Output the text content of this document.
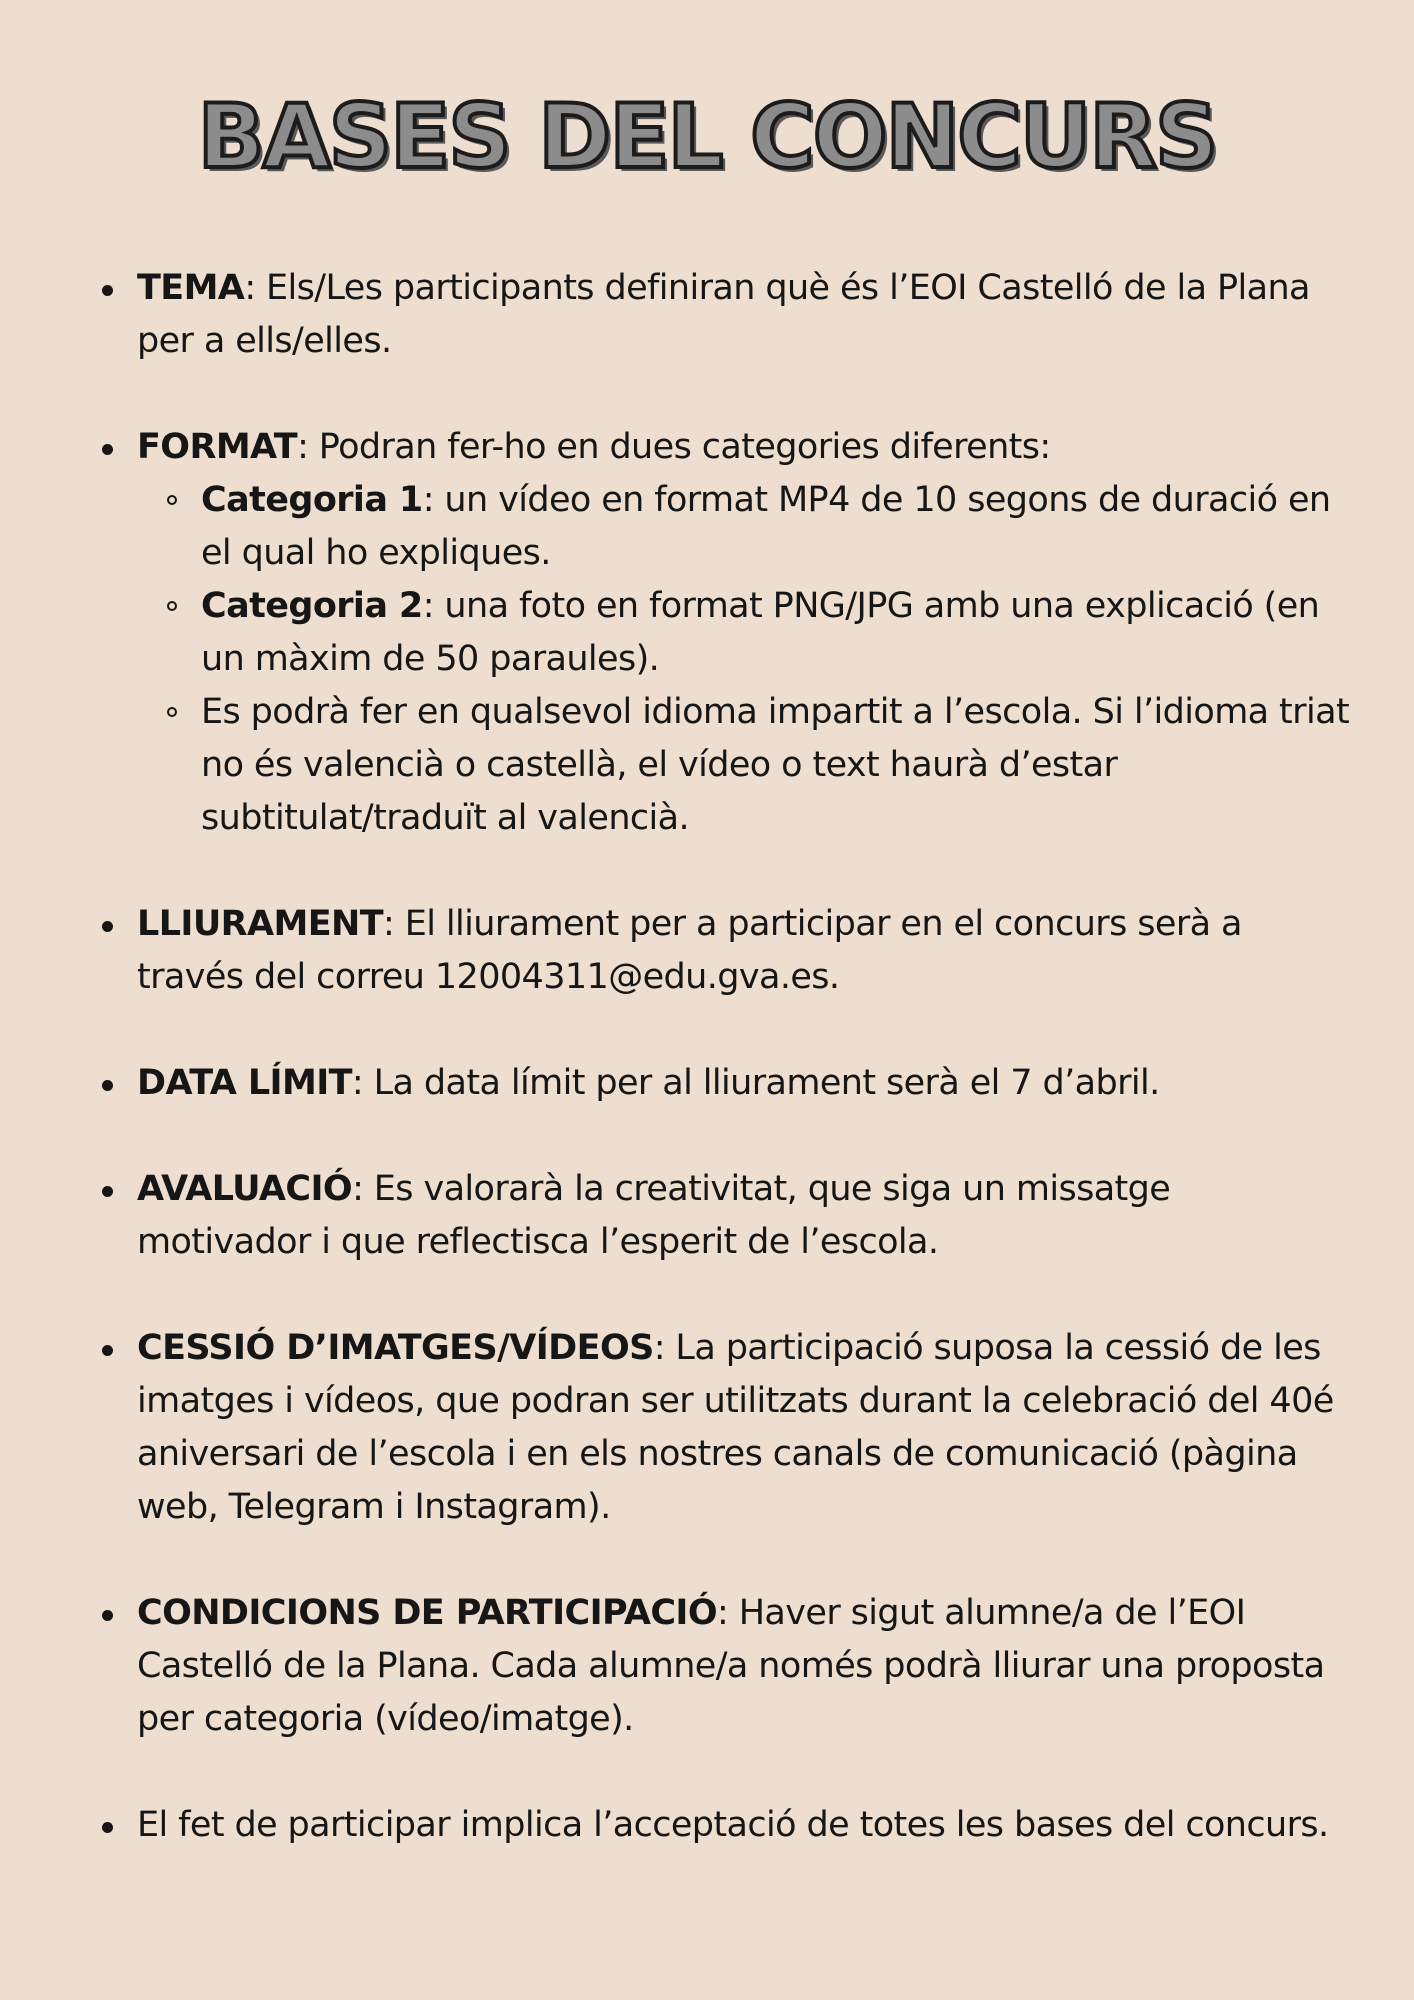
BASES DEL CONCURS
TEMA: Els/Les participants definiran què és l’EOI Castelló de la Plana per a ells/elles.
FORMAT: Podran fer-ho en dues categories diferents:
Categoria 1: un vídeo en format MP4 de 10 segons de duració en el qual ho expliques.
Categoria 2: una foto en format PNG/JPG amb una explicació (en un màxim de 50 paraules).
Es podrà fer en qualsevol idioma impartit a l’escola. Si l’idioma triat no és valencià o castellà, el vídeo o text haurà d’estar subtitulat/traduït al valencià.
LLIURAMENT: El lliurament per a participar en el concurs serà a través del correu 12004311@edu.gva.es.
DATA LÍMIT: La data límit per al lliurament serà el 7 d’abril.
AVALUACIÓ: Es valorarà la creativitat, que siga un missatge motivador i que reflectisca l’esperit de l’escola.
CESSIÓ D’IMATGES/VÍDEOS: La participació suposa la cessió de les imatges i vídeos, que podran ser utilitzats durant la celebració del 40é aniversari de l’escola i en els nostres canals de comunicació (pàgina web, Telegram i Instagram).
CONDICIONS DE PARTICIPACIÓ: Haver sigut alumne/a de l’EOI Castelló de la Plana. Cada alumne/a només podrà lliurar una proposta per categoria (vídeo/imatge).
El fet de participar implica l’acceptació de totes les bases del concurs.
